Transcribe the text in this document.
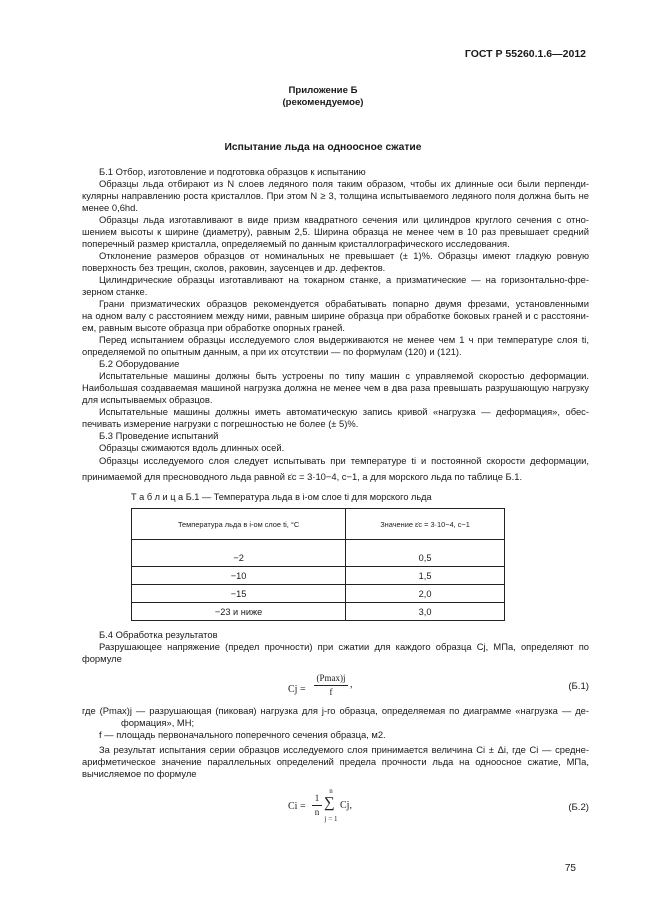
ГОСТ Р 55260.1.6—2012
Приложение Б
(рекомендуемое)
Испытание льда на одноосное сжатие
Б.1 Отбор, изготовление и подготовка образцов к испытанию
Образцы льда отбирают из N слоев ледяного поля таким образом, чтобы их длинные оси были перпенди-
кулярны направлению роста кристаллов. При этом N ≥ 3, толщина испытываемого ледяного поля должна быть не
менее 0,6hd.
Образцы льда изготавливают в виде призм квадратного сечения или цилиндров круглого сечения с отно-
шением высоты к ширине (диаметру), равным 2,5. Ширина образца не менее чем в 10 раз превышает средний
поперечный размер кристалла, определяемый по данным кристаллографического исследования.
Отклонение размеров образцов от номинальных не превышает (± 1)%. Образцы имеют гладкую ровную
поверхность без трещин, сколов, раковин, заусенцев и др. дефектов.
Цилиндрические образцы изготавливают на токарном станке, а призматические — на горизонтально-фре-
зерном станке.
Грани призматических образцов рекомендуется обрабатывать попарно двумя фрезами, установленными
на одном валу с расстоянием между ними, равным ширине образца при обработке боковых граней и с расстояни-
ем, равным высоте образца при обработке опорных граней.
Перед испытанием образцы исследуемого слоя выдерживаются не менее чем 1 ч при температуре слоя ti,
определяемой по опытным данным, а при их отсутствии — по формулам (120) и (121).
Б.2 Оборудование
Испытательные машины должны быть устроены по типу машин с управляемой скоростью деформации.
Наибольшая создаваемая машиной нагрузка должна не менее чем в два раза превышать разрушающую нагрузку
для испытываемых образцов.
Испытательные машины должны иметь автоматическую запись кривой «нагрузка — деформация», обес-
печивать измерение нагрузки с погрешностью не более (± 5)%.
Б.3 Проведение испытаний
Образцы сжимаются вдоль длинных осей.
Образцы исследуемого слоя следует испытывать при температуре ti и постоянной скорости деформации,
принимаемой для пресноводного льда равной ε̇c = 3·10−4, с−1, а для морского льда по таблице Б.1.
Т а б л и ц а Б.1 — Температура льда в i-ом слое ti для морского льда
Температура льда в i-ом слое ti, °С	Значение ε̇c = 3·10−4, с−1

−2	0,5
−10	1,5
−15	2,0
−23 и ниже	3,0
Б.4 Обработка результатов
Разрушающее напряжение (предел прочности) при сжатии для каждого образца Cj, МПа, определяют по
формуле
Cj =
(Pmax)j
f
,	(Б.1)
где (Pmax)j — разрушающая (пиковая) нагрузка для j-го образца, определяемая по диаграмме «нагрузка — де-
формация», МН;
f — площадь первоначального поперечного сечения образца, м2.
За результат испытания серии образцов исследуемого слоя принимается величина Ci ± Δi, где Ci — средне-
арифметическое значение параллельных определений предела прочности льда на одноосное сжатие, МПа,
вычисляемое по формуле
Ci =
1
n
n
∑
j = 1
Cj,	(Б.2)
75
